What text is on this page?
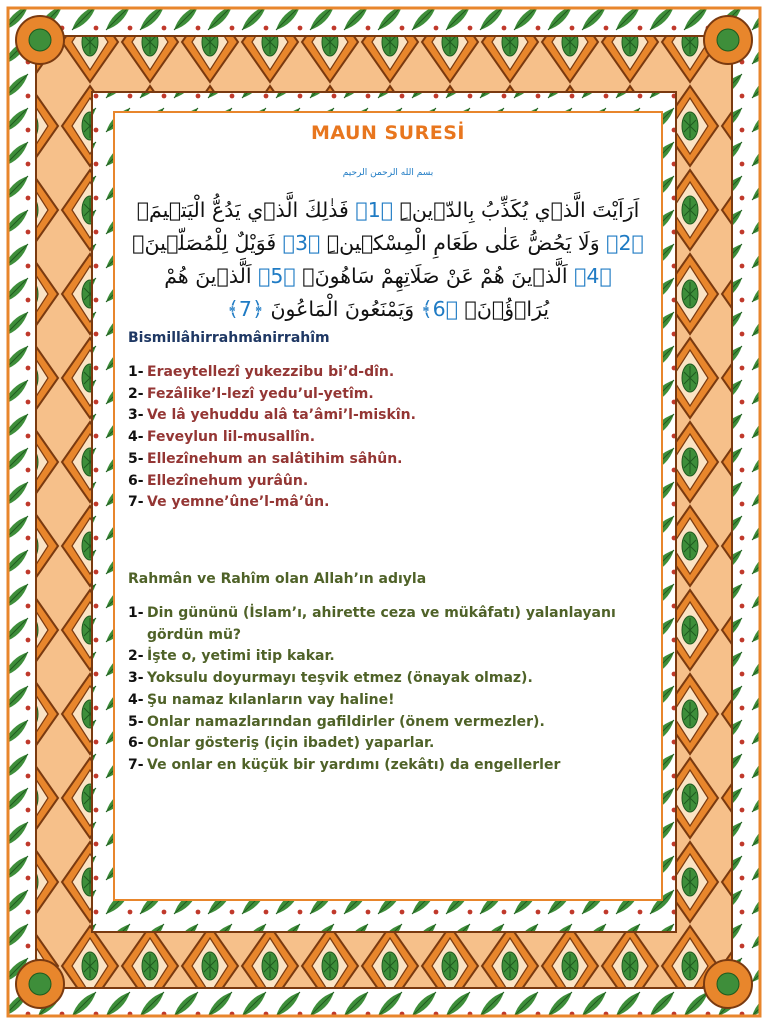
MAUN SURESİ
بسم الله الرحمن الرحيم
اَرَاَيْتَ الَّذ۪ي يُكَذِّبُ بِالدّ۪ينِۜ ﴿1﴾ فَذٰلِكَ الَّذ۪ي يَدُعُّ الْيَت۪يمَۙ ﴿2﴾ وَلَا يَحُضُّ عَلٰى طَعَامِ الْمِسْك۪ينِۜ ﴿3﴾ فَوَيْلٌ لِلْمُصَلّ۪ينَۙ ﴿4﴾ اَلَّذ۪ينَ هُمْ عَنْ صَلَاتِهِمْ سَاهُونَۙ ﴿5﴾ اَلَّذ۪ينَ هُمْ يُرَاۤؤُ۫نَۙ ﴿6﴾ وَيَمْنَعُونَ الْمَاعُونَ ﴿7﴾
Bismillâhirrahmânirrahîm
1- Eraeytellezî yukezzibu bi’d-dîn.
2- Fezâlike’l-lezî yedu’ul-yetîm.
3- Ve lâ yehuddu alâ ta’âmi’l-miskîn.
4- Feveylun lil-musallîn.
5- Ellezînehum an salâtihim sâhûn.
6- Ellezînehum yurâûn.
7- Ve yemne’ûne’l-mâ’ûn.
Rahmân ve Rahîm olan Allah’ın adıyla
1- Din gününü (İslam’ı, ahirette ceza ve mükâfatı) yalanlayanı gördün mü?
2- İşte o, yetimi itip kakar.
3- Yoksulu doyurmayı teşvik etmez (önayak olmaz).
4- Şu namaz kılanların vay haline!
5- Onlar namazlarından gafildirler (önem vermezler).
6- Onlar gösteriş (için ibadet) yaparlar.
7- Ve onlar en küçük bir yardımı (zekâtı) da engellerler
